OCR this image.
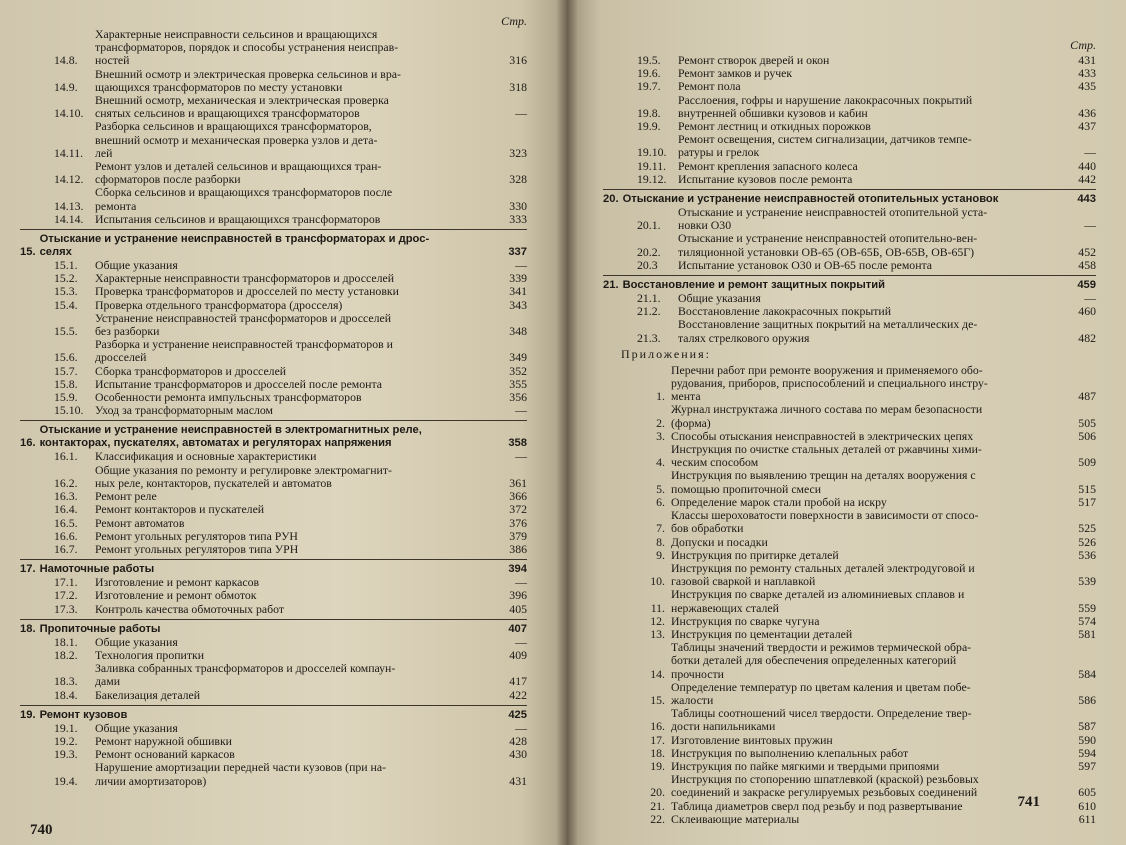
Стр.
14.8.
Характерные неисправности сельсинов и вращающихся
трансформаторов, порядок и способы устранения неисправ-
ностей	316
14.9.
Внешний осмотр и электрическая проверка сельсинов и вра-
щающихся трансформаторов по месту установки	318
14.10.
Внешний осмотр, механическая и электрическая проверка
снятых сельсинов и вращающихся трансформаторов	—
14.11.
Разборка сельсинов и вращающихся трансформаторов,
внешний осмотр и механическая проверка узлов и дета-
лей	323
14.12.
Ремонт узлов и деталей сельсинов и вращающихся тран-
сформаторов после разборки	328
14.13.
Сборка сельсинов и вращающихся трансформаторов после
ремонта	330
14.14. Испытания сельсинов и вращающихся трансформаторов	333
15.
Отыскание и устранение неисправностей в трансформаторах и дрос-
селях	337
15.1.	Общие указания	—
15.2.	Характерные неисправности трансформаторов и дросселей	339
15.3.	Проверка трансформаторов и дросселей по месту установки	341
15.4.	Проверка отдельного трансформатора (дросселя)	343
15.5.
Устранение неисправностей трансформаторов и дросселей
без разборки	348
15.6.
Разборка и устранение неисправностей трансформаторов и
дросселей	349
15.7.	Сборка трансформаторов и дросселей	352
15.8.	Испытание трансформаторов и дросселей после ремонта	355
15.9.	Особенности ремонта импульсных трансформаторов	356
15.10. Уход за трансформаторным маслом	—
16.
Отыскание и устранение неисправностей в электромагнитных реле,
контакторах, пускателях, автоматах и регуляторах напряжения	358
16.1.	Классификация и основные характеристики	—
16.2.
Общие указания по ремонту и регулировке электромагнит-
ных реле, контакторов, пускателей и автоматов	361
16.3.	Ремонт реле	366
16.4.	Ремонт контакторов и пускателей	372
16.5.	Ремонт автоматов	376
16.6.	Ремонт угольных регуляторов типа РУН	379
16.7.	Ремонт угольных регуляторов типа УРН	386
17. Намоточные работы	394
17.1.	Изготовление и ремонт каркасов	—
17.2.	Изготовление и ремонт обмоток	396
17.3.	Контроль качества обмоточных работ	405
18. Пропиточные работы	407
18.1.	Общие указания	—
18.2.	Технология пропитки	409
18.3.
Заливка собранных трансформаторов и дросселей компаун-
дами	417
18.4.	Бакелизация деталей	422
19. Ремонт кузовов	425
19.1.	Общие указания	—
19.2.	Ремонт наружной обшивки	428
19.3.	Ремонт оснований каркасов	430
19.4.
Нарушение амортизации передней части кузовов (при на-
личии амортизаторов)	431
740
Стр.
19.5.	Ремонт створок дверей и окон	431
19.6.	Ремонт замков и ручек	433
19.7.	Ремонт пола	435
19.8.
Расслоения, гофры и нарушение лакокрасочных покрытий
внутренней обшивки кузовов и кабин	436
19.9.	Ремонт лестниц и откидных порожков	437
19.10.
Ремонт освещения, систем сигнализации, датчиков темпе-
ратуры и грелок	—
19.11.	Ремонт крепления запасного колеса	440
19.12. Испытание кузовов после ремонта	442
20. Отыскание и устранение неисправностей отопительных установок	443
20.1.
Отыскание и устранение неисправностей отопительной уста-
новки О30	—
20.2.
Отыскание и устранение неисправностей отопительно-вен-
тиляционной установки ОВ-65 (ОВ-65Б, ОВ-65В, ОВ-65Г)	452
20.3	Испытание установок О30 и ОВ-65 после ремонта	458
21. Восстановление и ремонт защитных покрытий	459
21.1.	Общие указания	—
21.2.	Восстановление лакокрасочных покрытий	460
21.3.
Восстановление защитных покрытий на металлических де-
талях стрелкового оружия	482
Приложения:
1.
Перечни работ при ремонте вооружения и применяемого обо-
рудования, приборов, приспособлений и специального инстру-
мента	487
2.
Журнал инструктажа личного состава по мерам безопасности
(форма)	505
3. Способы отыскания неисправностей в электрических цепях	506
4.
Инструкция по очистке стальных деталей от ржавчины хими-
ческим способом	509
5.
Инструкция по выявлению трещин на деталях вооружения с
помощью пропиточной смеси	515
6. Определение марок стали пробой на искру	517
7.
Классы шероховатости поверхности в зависимости от спосо-
бов обработки	525
8. Допуски и посадки	526
9. Инструкция по притирке деталей	536
10.
Инструкция по ремонту стальных деталей электродуговой и
газовой сваркой и наплавкой	539
11.
Инструкция по сварке деталей из алюминиевых сплавов и
нержавеющих сталей	559
12. Инструкция по сварке чугуна	574
13. Инструкция по цементации деталей	581
14.
Таблицы значений твердости и режимов термической обра-
ботки деталей для обеспечения определенных категорий
прочности	584
15.
Определение температур по цветам каления и цветам побе-
жалости	586
16.
Таблицы соотношений чисел твердости. Определение твер-
дости напильниками	587
17. Изготовление винтовых пружин	590
18. Инструкция по выполнению клепальных работ	594
19. Инструкция по пайке мягкими и твердыми припоями	597
20.
Инструкция по стопорению шпатлевкой (краской) резьбовых
соединений и закраске регулируемых резьбовых соединений	605
21. Таблица диаметров сверл под резьбу и под развертывание	610
22. Склеивающие материалы	611
741
